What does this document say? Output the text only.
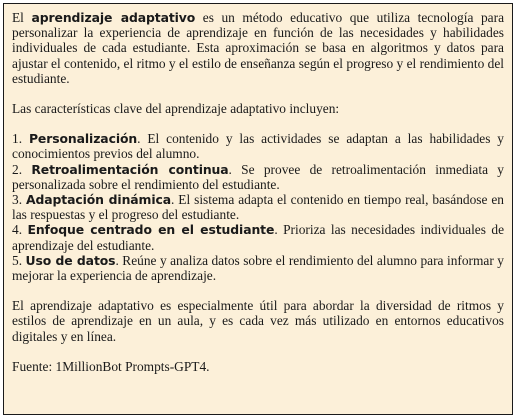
El aprendizaje adaptativo es un método educativo que utiliza tecnología para personalizar la experiencia de aprendizaje en función de las necesidades y habilidades individuales de cada estudiante. Esta aproximación se basa en algoritmos y datos para ajustar el contenido, el ritmo y el estilo de enseñanza según el progreso y el rendimiento del estudiante.

Las características clave del aprendizaje adaptativo incluyen:

1. Personalización. El contenido y las actividades se adaptan a las habilidades y conocimientos previos del alumno.

2. Retroalimentación continua. Se provee de retroalimentación inmediata y personalizada sobre el rendimiento del estudiante.

3. Adaptación dinámica. El sistema adapta el contenido en tiempo real, basándose en las respuestas y el progreso del estudiante.

4. Enfoque centrado en el estudiante. Prioriza las necesidades individuales de aprendizaje del estudiante.

5. Uso de datos. Reúne y analiza datos sobre el rendimiento del alumno para informar y mejorar la experiencia de aprendizaje.

El aprendizaje adaptativo es especialmente útil para abordar la diversidad de ritmos y estilos de aprendizaje en un aula, y es cada vez más utilizado en entornos educativos digitales y en línea.

Fuente: 1MillionBot Prompts-GPT4.
